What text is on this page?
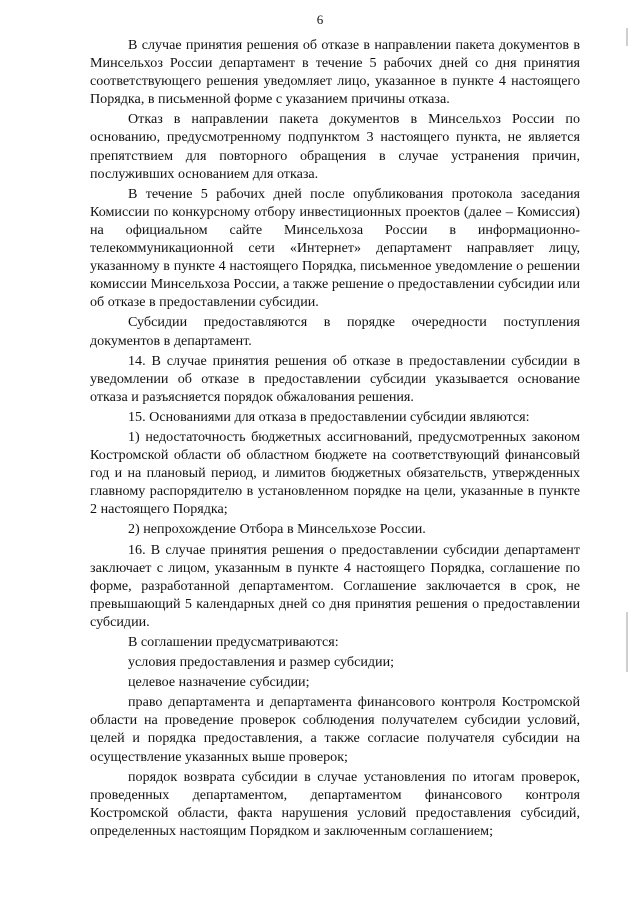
6

В случае принятия решения об отказе в направлении пакета документов в Минсельхоз России департамент в течение 5 рабочих дней со дня принятия соответствующего решения уведомляет лицо, указанное в пункте 4 настоящего Порядка, в письменной форме с указанием причины отказа.

Отказ в направлении пакета документов в Минсельхоз России по основанию, предусмотренному подпунктом 3 настоящего пункта, не является препятствием для повторного обращения в случае устранения причин, послуживших основанием для отказа.

В течение 5 рабочих дней после опубликования протокола заседания Комиссии по конкурсному отбору инвестиционных проектов (далее – Комиссия) на официальном сайте Минсельхоза России в информационно-телекоммуникационной сети «Интернет» департамент направляет лицу, указанному в пункте 4 настоящего Порядка, письменное уведомление о решении комиссии Минсельхоза России, а также решение о предоставлении субсидии или об отказе в предоставлении субсидии.

Субсидии предоставляются в порядке очередности поступления документов в департамент.

14. В случае принятия решения об отказе в предоставлении субсидии в уведомлении об отказе в предоставлении субсидии указывается основание отказа и разъясняется порядок обжалования решения.

15. Основаниями для отказа в предоставлении субсидии являются:

1) недостаточность бюджетных ассигнований, предусмотренных законом Костромской области об областном бюджете на соответствующий финансовый год и на плановый период, и лимитов бюджетных обязательств, утвержденных главному распорядителю в установленном порядке на цели, указанные в пункте 2 настоящего Порядка;

2) непрохождение Отбора в Минсельхозе России.

16. В случае принятия решения о предоставлении субсидии департамент заключает с лицом, указанным в пункте 4 настоящего Порядка, соглашение по форме, разработанной департаментом. Соглашение заключается в срок, не превышающий 5 календарных дней со дня принятия решения о предоставлении субсидии.

В соглашении предусматриваются:

условия предоставления и размер субсидии;

целевое назначение субсидии;

право департамента и департамента финансового контроля Костромской области на проведение проверок соблюдения получателем субсидии условий, целей и порядка предоставления, а также согласие получателя субсидии на осуществление указанных выше проверок;

порядок возврата субсидии в случае установления по итогам проверок, проведенных департаментом, департаментом финансового контроля Костромской области, факта нарушения условий предоставления субсидий, определенных настоящим Порядком и заключенным соглашением;
